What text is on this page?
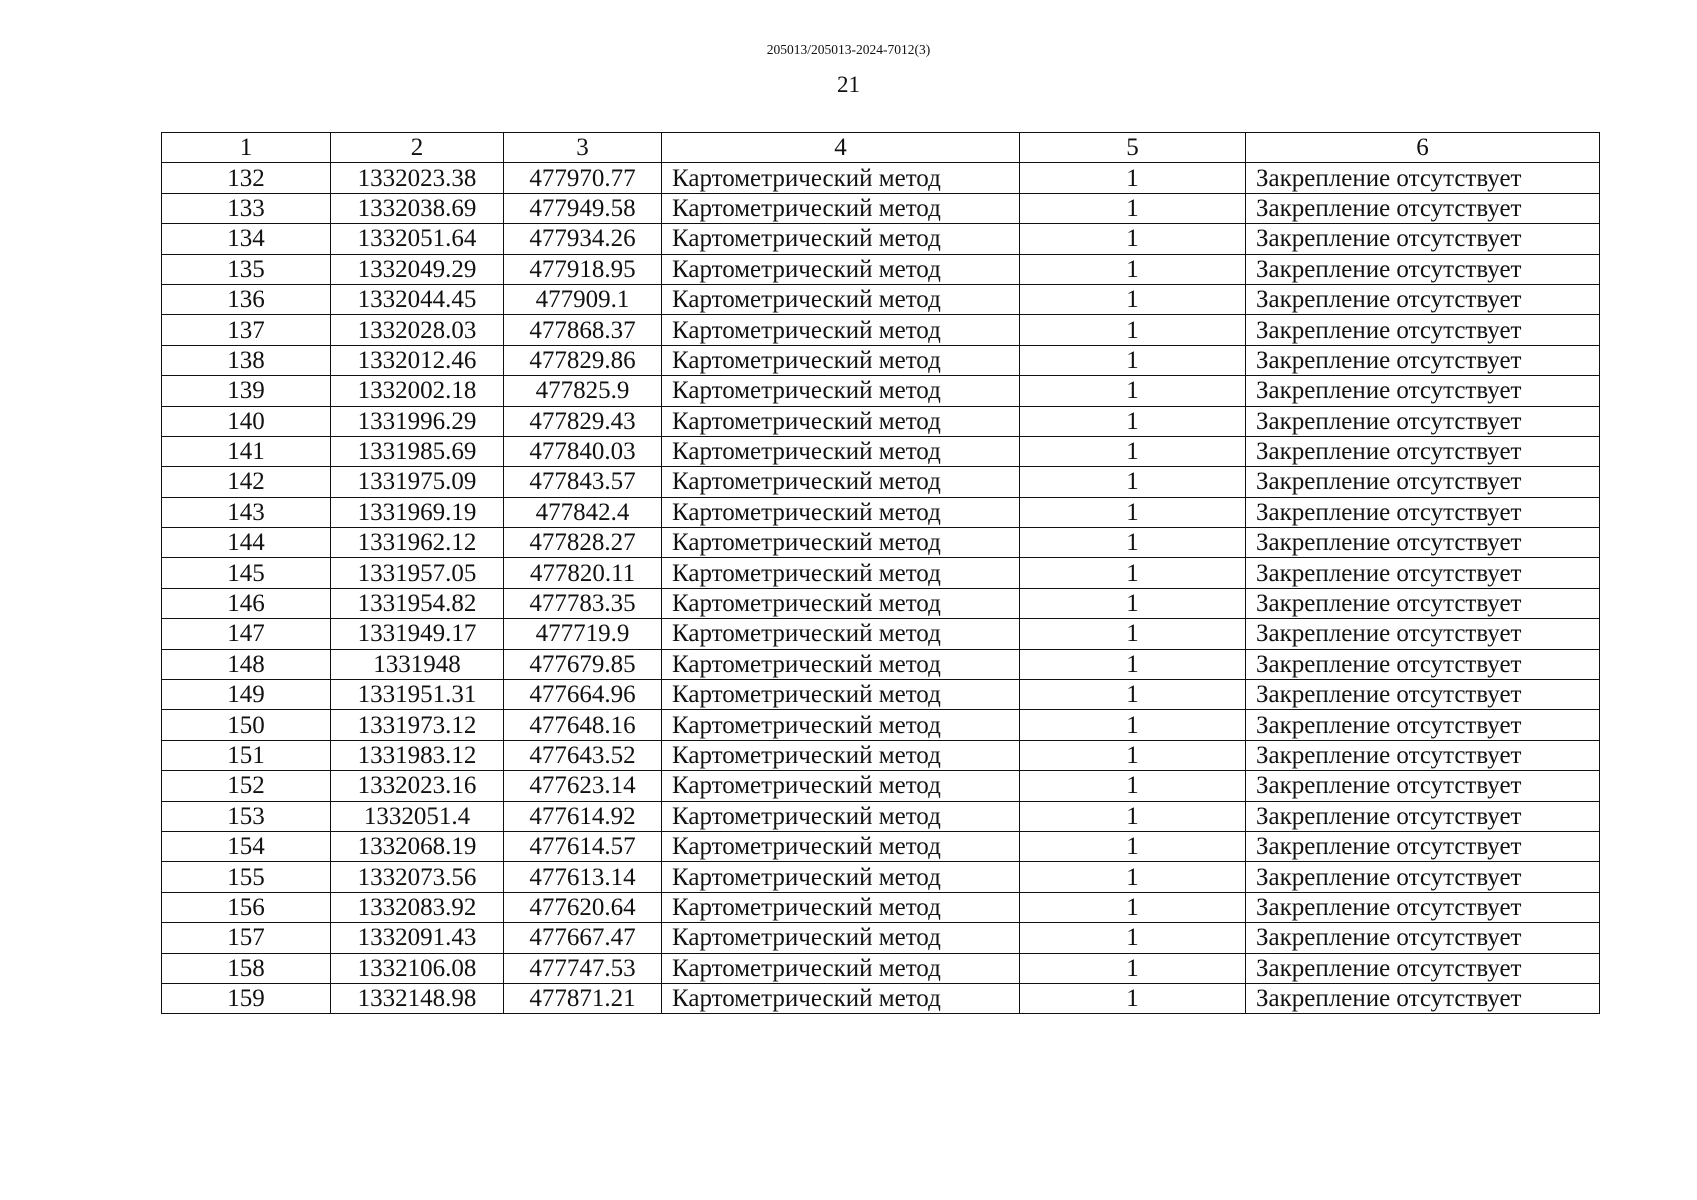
205013/205013-2024-7012(3)
21
1	2	3	4	5	6
132	1332023.38	477970.77	Картометрический метод	1	Закрепление отсутствует
133	1332038.69	477949.58	Картометрический метод	1	Закрепление отсутствует
134	1332051.64	477934.26	Картометрический метод	1	Закрепление отсутствует
135	1332049.29	477918.95	Картометрический метод	1	Закрепление отсутствует
136	1332044.45	477909.1	Картометрический метод	1	Закрепление отсутствует
137	1332028.03	477868.37	Картометрический метод	1	Закрепление отсутствует
138	1332012.46	477829.86	Картометрический метод	1	Закрепление отсутствует
139	1332002.18	477825.9	Картометрический метод	1	Закрепление отсутствует
140	1331996.29	477829.43	Картометрический метод	1	Закрепление отсутствует
141	1331985.69	477840.03	Картометрический метод	1	Закрепление отсутствует
142	1331975.09	477843.57	Картометрический метод	1	Закрепление отсутствует
143	1331969.19	477842.4	Картометрический метод	1	Закрепление отсутствует
144	1331962.12	477828.27	Картометрический метод	1	Закрепление отсутствует
145	1331957.05	477820.11	Картометрический метод	1	Закрепление отсутствует
146	1331954.82	477783.35	Картометрический метод	1	Закрепление отсутствует
147	1331949.17	477719.9	Картометрический метод	1	Закрепление отсутствует
148	1331948	477679.85	Картометрический метод	1	Закрепление отсутствует
149	1331951.31	477664.96	Картометрический метод	1	Закрепление отсутствует
150	1331973.12	477648.16	Картометрический метод	1	Закрепление отсутствует
151	1331983.12	477643.52	Картометрический метод	1	Закрепление отсутствует
152	1332023.16	477623.14	Картометрический метод	1	Закрепление отсутствует
153	1332051.4	477614.92	Картометрический метод	1	Закрепление отсутствует
154	1332068.19	477614.57	Картометрический метод	1	Закрепление отсутствует
155	1332073.56	477613.14	Картометрический метод	1	Закрепление отсутствует
156	1332083.92	477620.64	Картометрический метод	1	Закрепление отсутствует
157	1332091.43	477667.47	Картометрический метод	1	Закрепление отсутствует
158	1332106.08	477747.53	Картометрический метод	1	Закрепление отсутствует
159	1332148.98	477871.21	Картометрический метод	1	Закрепление отсутствует
